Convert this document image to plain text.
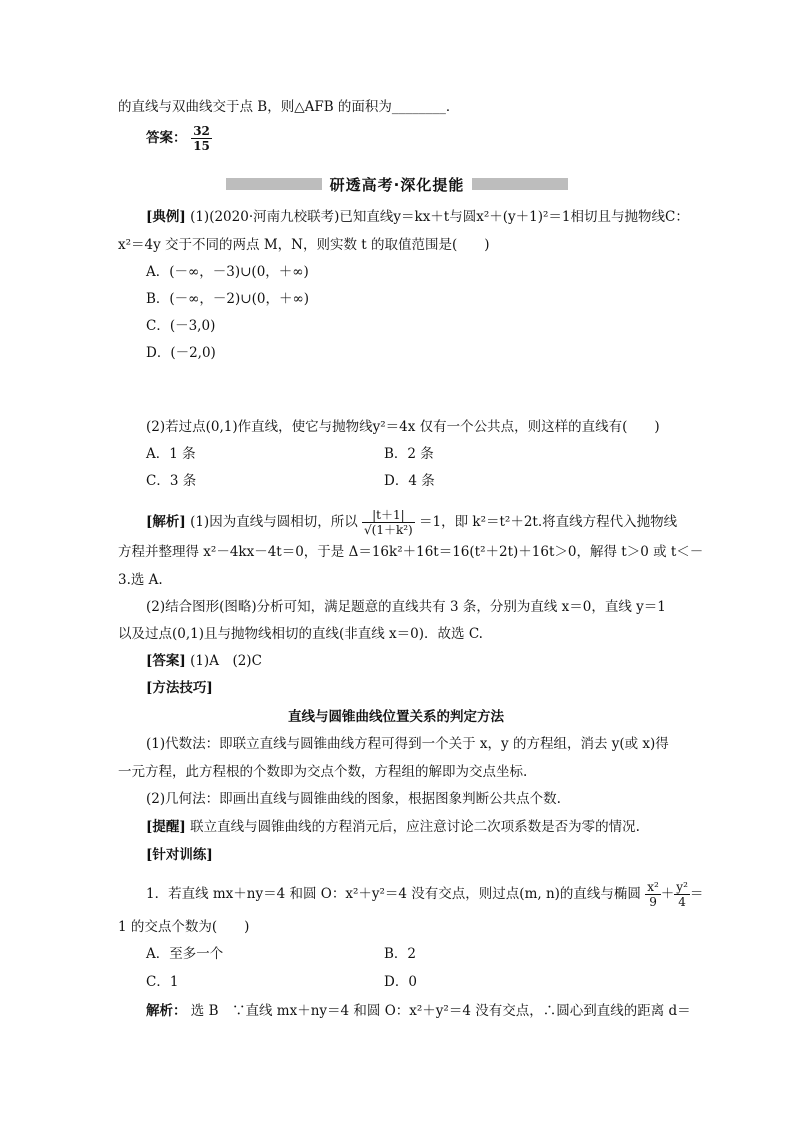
的直线与双曲线交于点 B，则△AFB 的面积为________．
答案： $\frac{32}{15}$
研透高考·深化提能
[典例] (1)(2020·河南九校联考)已知直线y＝kx＋t与圆x²＋(y＋1)²＝1相切且与抛物线C：
x²＝4y 交于不同的两点 M，N，则实数 t 的取值范围是(　　)
A．(－∞，－3)∪(0，＋∞)
B．(－∞，－2)∪(0，＋∞)
C．(－3,0)
D．(－2,0)
(2)若过点(0,1)作直线，使它与抛物线y²＝4x 仅有一个公共点，则这样的直线有(　　)
A．1 条	B．2 条
C．3 条	D．4 条
[解析] (1)因为直线与圆相切，所以 $\frac{|t+1|}{\text{√(1＋k²)}} =1$，即 k²＝t²＋2t.将直线方程代入抛物线
方程并整理得 x²－4kx－4t＝0，于是 Δ＝16k²＋16t＝16(t²＋2t)＋16t＞0，解得 t＞0 或 t＜－
3.选 A.
(2)结合图形(图略)分析可知，满足题意的直线共有 3 条，分别为直线 x＝0，直线 y＝1
以及过点(0,1)且与抛物线相切的直线(非直线 x＝0)．故选 C.
[答案] (1)A　(2)C
[方法技巧]
直线与圆锥曲线位置关系的判定方法
(1)代数法：即联立直线与圆锥曲线方程可得到一个关于 x，y 的方程组，消去 y(或 x)得
一元方程，此方程根的个数即为交点个数，方程组的解即为交点坐标.
(2)几何法：即画出直线与圆锥曲线的图象，根据图象判断公共点个数.
[提醒] 联立直线与圆锥曲线的方程消元后，应注意讨论二次项系数是否为零的情况.
[针对训练]
1．若直线 mx＋ny＝4 和圆 O：x²＋y²＝4 没有交点，则过点(m, n)的直线与椭圆 $\frac{\text{x²}}{9} + \frac{\text{y²}}{4}$ ＝
1 的交点个数为(　　)
A．至多一个	B．2
C．1	D．0
解析： 选 B　∵直线 mx＋ny＝4 和圆 O：x²＋y²＝4 没有交点，∴圆心到直线的距离 d＝
